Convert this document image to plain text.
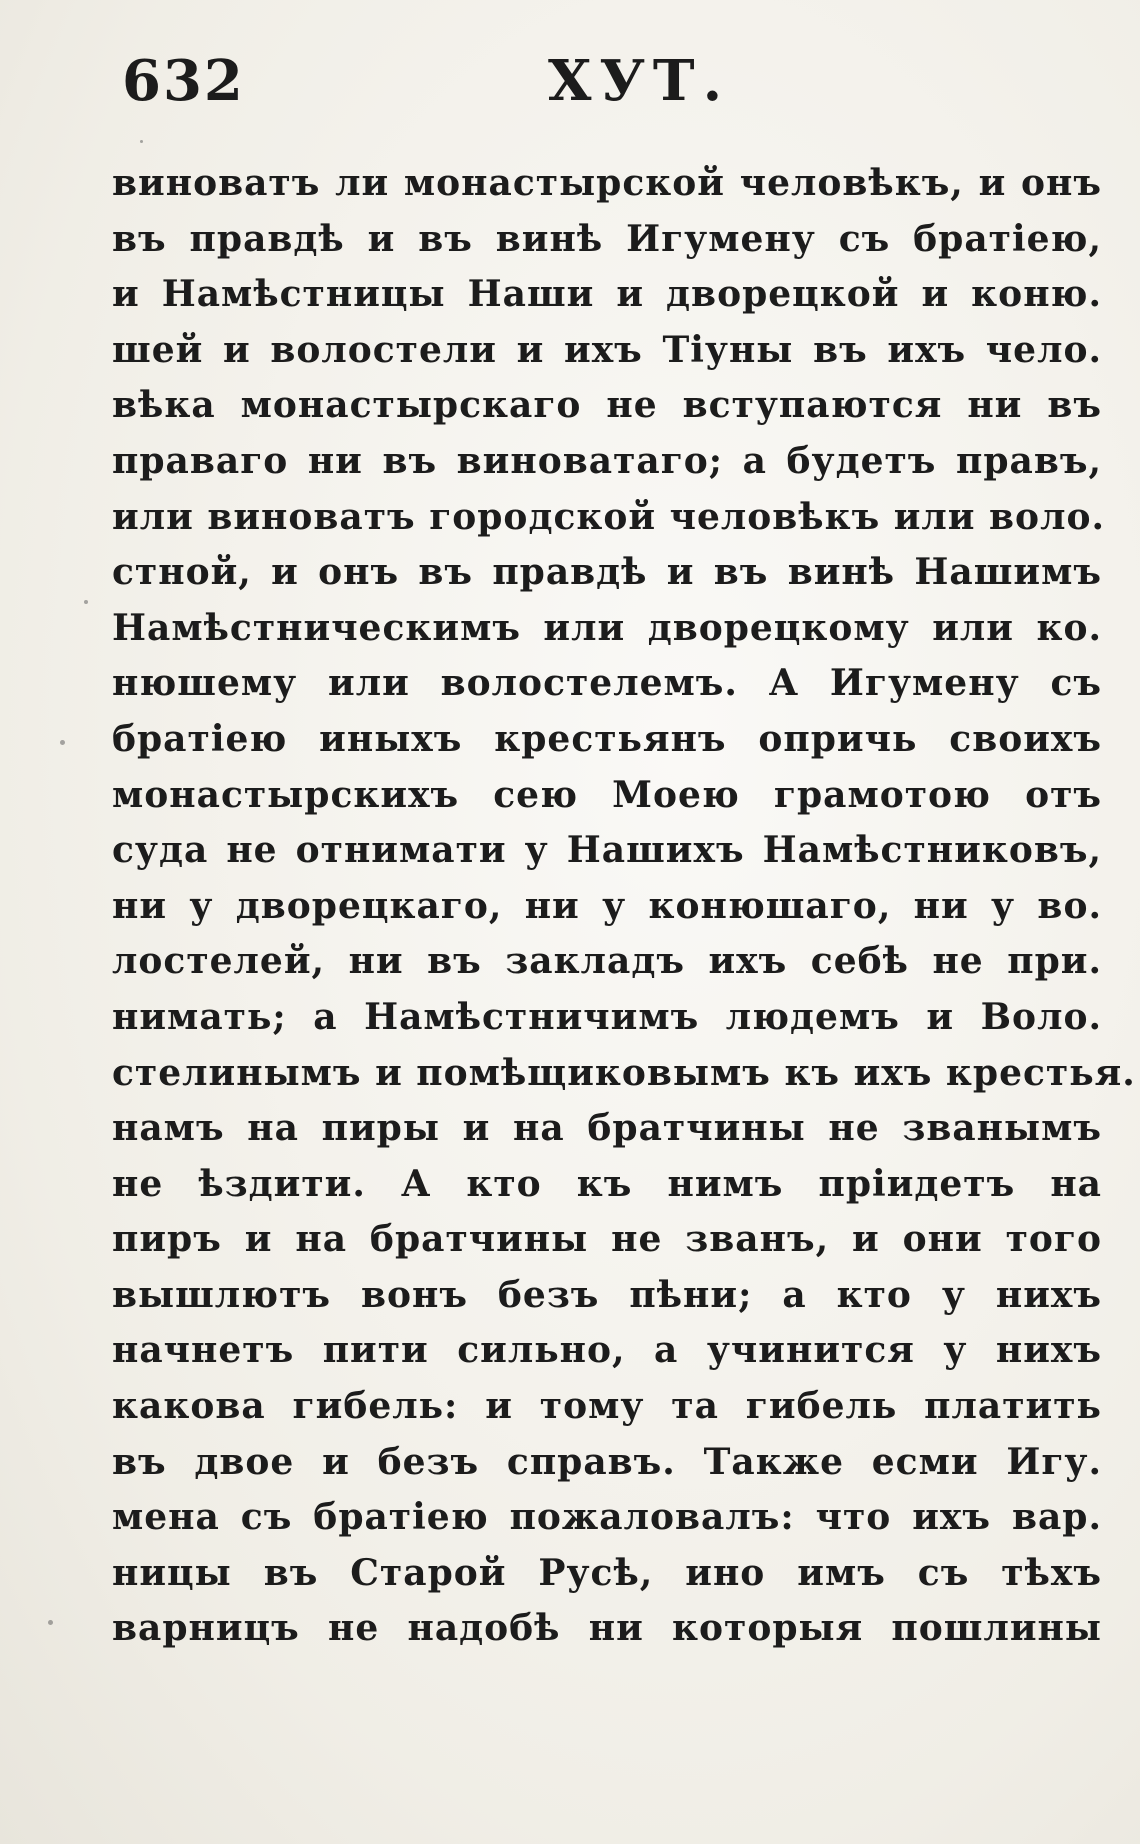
632	ХУТ.
виноватъ ли монастырской человѣкъ, и онъ
въ правдѣ и въ винѣ Игумену съ братiею,
и Намѣстницы Наши и дворецкой и коню.
шей и волостели и ихъ Тiуны въ ихъ чело.
вѣка монастырскаго не вступаются ни въ
праваго ни въ виноватаго; а будетъ правъ,
или виноватъ городской человѣкъ или воло.
стной, и онъ въ правдѣ и въ винѣ Нашимъ
Намѣстническимъ или дворецкому или ко.
нюшему или волостелемъ. А Игумену съ
братiею иныхъ крестьянъ опричь своихъ
монастырскихъ сею Моею грамотою отъ
суда не отнимати у Нашихъ Намѣстниковъ,
ни у дворецкаго, ни у конюшаго, ни у во.
лостелей, ни въ закладъ ихъ себѣ не при.
нимать; а Намѣстничимъ людемъ и Воло.
стелинымъ и помѣщиковымъ къ ихъ крестья.
намъ на пиры и на братчины не званымъ
не ѣздити. А кто къ нимъ прiидетъ на
пиръ и на братчины не званъ, и они того
вышлютъ вонъ безъ пѣни; а кто у нихъ
начнетъ пити сильно, а учинится у нихъ
какова гибель: и тому та гибель платить
въ двое и безъ справъ. Также есми Игу.
мена съ братiею пожаловалъ: что ихъ вар.
ницы въ Старой Русѣ, ино имъ съ тѣхъ
варницъ не надобѣ ни которыя пошлины
